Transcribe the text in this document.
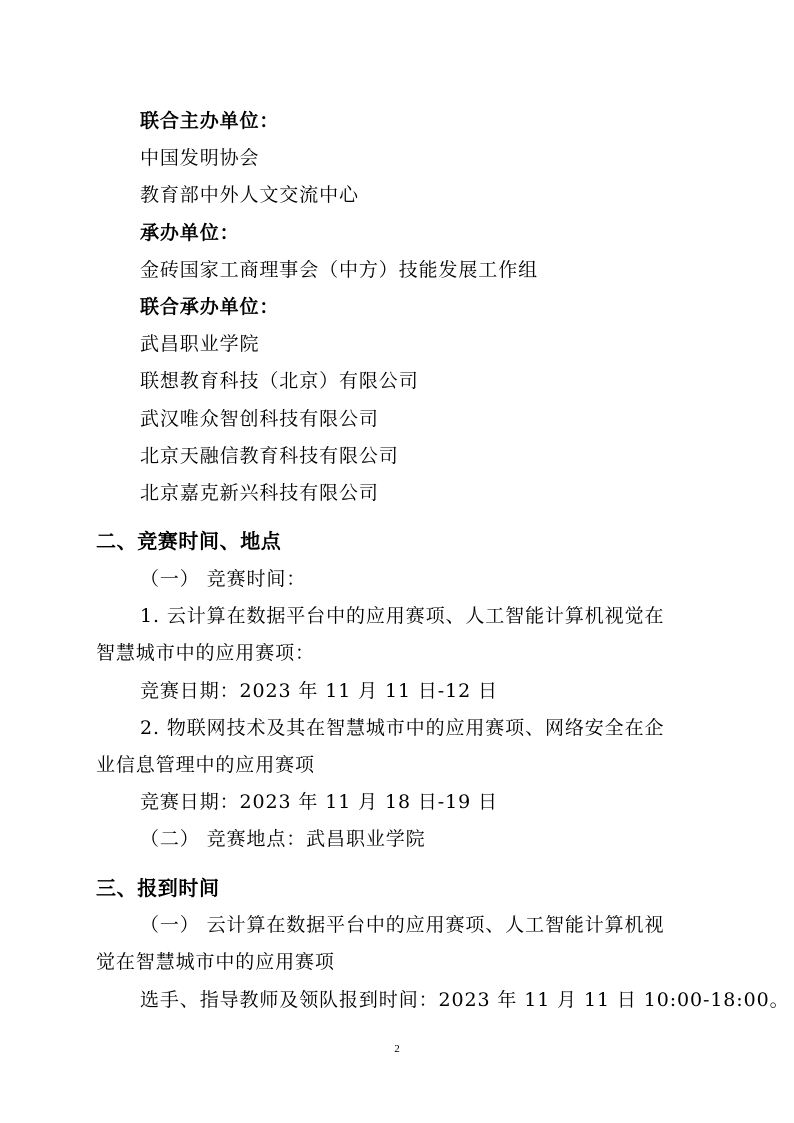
联合主办单位：
中国发明协会
教育部中外人文交流中心
承办单位：
金砖国家工商理事会（中方）技能发展工作组
联合承办单位：
武昌职业学院
联想教育科技（北京）有限公司
武汉唯众智创科技有限公司
北京天融信教育科技有限公司
北京嘉克新兴科技有限公司
二、竞赛时间、地点
（一） 竞赛时间：
1. 云计算在数据平台中的应用赛项、人工智能计算机视觉在
智慧城市中的应用赛项：
竞赛日期：2023 年 11 月 11 日-12 日
2. 物联网技术及其在智慧城市中的应用赛项、网络安全在企
业信息管理中的应用赛项
竞赛日期：2023 年 11 月 18 日-19 日
（二） 竞赛地点：武昌职业学院
三、报到时间
（一） 云计算在数据平台中的应用赛项、人工智能计算机视
觉在智慧城市中的应用赛项
选手、指导教师及领队报到时间：2023 年 11 月 11 日 10:00-18:00。
2
